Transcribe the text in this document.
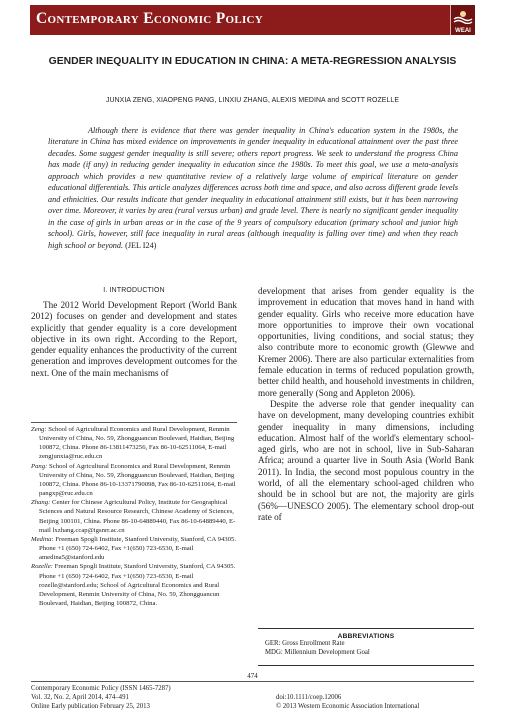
Contemporary Economic Policy
WEAI
GENDER INEQUALITY IN EDUCATION IN CHINA: A META-REGRESSION ANALYSIS
JUNXIA ZENG, XIAOPENG PANG, LINXIU ZHANG, ALEXIS MEDINA and SCOTT ROZELLE

Although there is evidence that there was gender inequality in China's education system in the 1980s, the literature in China has mixed evidence on improvements in gender inequality in educational attainment over the past three decades. Some suggest gender inequality is still severe; others report progress. We seek to understand the progress China has made (if any) in reducing gender inequality in education since the 1980s. To meet this goal, we use a meta-analysis approach which provides a new quantitative review of a relatively large volume of empirical literature on gender educational differentials. This article analyzes differences across both time and space, and also across different grade levels and ethnicities. Our results indicate that gender inequality in educational attainment still exists, but it has been narrowing over time. Moreover, it varies by area (rural versus urban) and grade level. There is nearly no significant gender inequality in the case of girls in urban areas or in the case of the 9 years of compulsory education (primary school and junior high school). Girls, however, still face inequality in rural areas (although inequality is falling over time) and when they reach high school or beyond. (JEL I24)

I. INTRODUCTION

The 2012 World Development Report (World Bank 2012) focuses on gender and development and states explicitly that gender equality is a core development objective in its own right. According to the Report, gender equality enhances the productivity of the current generation and improves development outcomes for the next. One of the main mechanisms of

development that arises from gender equality is the improvement in education that moves hand in hand with gender equality. Girls who receive more education have more opportunities to improve their own vocational opportunities, living conditions, and social status; they also contribute more to economic growth (Glewwe and Kremer 2006). There are also particular externalities from female education in terms of reduced population growth, better child health, and household investments in children, more generally (Song and Appleton 2006).

Despite the adverse role that gender inequality can have on development, many developing countries exhibit gender inequality in many dimensions, including education. Almost half of the world's elementary school-aged girls, who are not in school, live in Sub-Saharan Africa; around a quarter live in South Asia (World Bank 2011). In India, the second most populous country in the world, of all the elementary school-aged children who should be in school but are not, the majority are girls (56%—UNESCO 2005). The elementary school drop-out rate of

Zeng: School of Agricultural Economics and Rural Development, Renmin University of China, No. 59, Zhongguancun Boulevard, Haidian, Beijing 100872, China. Phone 86-13811473256, Fax 86-10-62511064, E-mail zengjunxia@ruc.edu.cn

Pang: School of Agricultural Economics and Rural Development, Renmin University of China, No. 59, Zhongguancun Boulevard, Haidian, Beijing 100872, China. Phone 86-10-13371790098, Fax 86-10-62511064, E-mail pangxp@ruc.edu.cn

Zhang: Center for Chinese Agricultural Policy, Institute for Geographical Sciences and Natural Resource Research, Chinese Academy of Sciences, Beijing 100101, China. Phone 86-10-64889440, Fax 86-10-64889440, E-mail lxzhang.ccap@igsnrr.ac.cn

Medina: Freeman Spogli Institute, Stanford University, Stanford, CA 94305. Phone +1 (650) 724-6402, Fax +1(650) 723-6530, E-mail amedina5@stanford.edu

Rozelle: Freeman Spogli Institute, Stanford University, Stanford, CA 94305. Phone +1 (650) 724-6402, Fax +1(650) 723-6530, E-mail rozelle@stanford.edu; School of Agricultural Economics and Rural Development, Renmin University of China, No. 59, Zhongguancun Boulevard, Haidian, Beijing 100872, China.

ABBREVIATIONS
GER: Gross Enrollment Rate
MDG: Millennium Development Goal
474
Contemporary Economic Policy (ISSN 1465-7287)
Vol. 32, No. 2, April 2014, 474–491
Online Early publication February 25, 2013
doi:10.1111/coep.12006
© 2013 Western Economic Association International
